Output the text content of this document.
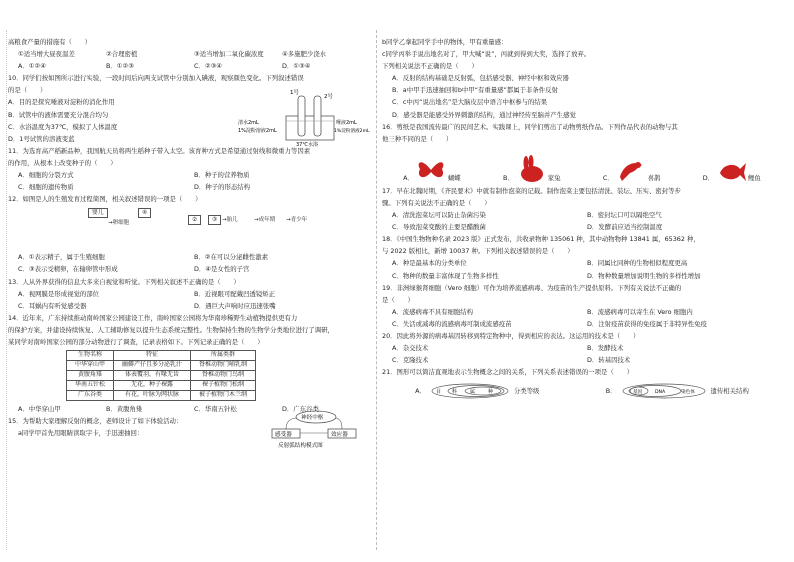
高粮食产量的措施有（　　）
①适当增大昼夜温差	②合理密植	③适当增加二氧化碳浓度	④多施肥少浇水
A．①②④	B．①②③	C．②③④	D．①③④
10．同学们按如图所示进行实验，一段时间后向两支试管中分别加入碘液，观察颜色变化。下列叙述错误
的是（　　）
A．目的是探究唾液对淀粉的消化作用
B．试管中的液体需要充分混合均匀
C．水浴温度为37℃，模拟了人体温度
D．1号试管的溶液变蓝
1号
2号
清水2mL
1%淀粉溶液2mL
唾液2mL
1%淀粉溶液2mL
37℃水浴
11．为选育高产稻新品种，我国航天员将两生稻种子带入太空。该育种方式是希望通过射线和微重力等因素
的作用，从根本上改变种子的（　　）
A．细胞的分裂方式	B．种子的营养物质
C．细胞的遗传物质	D．种子的形态结构
12．如图是人的生殖发育过程简图，相关叙述错误的一项是（　　）
婴儿	④
→卵细胞	②	③ →胎儿	→成年期 →青少年
A．①表示精子，属于生殖细胞	B．②在可以分泌雌性激素
C．③表示受精卵，在输卵管中形成	D．④是女性的子宫
13．人从外界获得的信息大多来自视觉和听觉。下列相关叙述不正确的是（　　）
A．视网膜是形成视觉的部位	B．近视眼可配戴凹透镜矫正
C．耳蜗内有听觉感受器	D．遇巨大声响时应迅速张嘴
14．近年来，广东持续推动南岭国家公园建设工作，南岭国家公园将为华南珍稀野生动植物提供更有力
的保护方案，并建设持续恢复、人工辅助修复以提升生态系统完整性。生物保持生物的生物学分类地位进行了调研，
某同学对南岭国家公园的部分动物进行了调查，记录表格如下。下列记录正确的是（　　）
生物名称	特征	所属类群
中华穿山甲	幽僻产仔且多分泌乳汁	脊椎动物门哺乳纲
黄腹角雉	体表覆羽，有喙无齿	脊椎动物门鸟纲
华南五针松	无花，种子裸露	裸子植物门松纲
广东谷类	有花，叶脉为网状脉	被子植物门木兰纲
A．中华穿山甲	B．黄腹角雉	C．华南五针松	D．广东谷类
15．为帮助大家理解反射的概念，老师设计了如下体验活动：
a同学甲首先用眼睛读取字卡，手迅速抽回：
神经中枢
感受器	效应器
反射弧结构模式图
b同学乙拿起同学手中的物体，甲有重量感：
c同学丙举手说出地名对了，甲大喊“说”，丙就到得到大奖，选择了放弃。
下列相关说法不正确的是（　　）
A．反射的结构基础是反射弧，包括感受器、神经中枢和效应器
B．a中甲手迅速抽回和b中甲“有重量感”都属于非条件反射
C．c中丙“说出地名”是大脑皮层中语言中枢参与的结果
D．感受器是能感受外界刺激的结构，通过神经传至脑并产生感觉
16．剪纸是我国流传最广的民间艺术。实践课上，同学们剪出了动物剪纸作品。下列作品代表的动物与其
他三种不同的是（　　）
A．	蝴蝶	B．	家兔	C．	喜鹊	D．	鲤鱼
17．早在北魏时期，《齐民要术》中就有制作泡菜的记载。制作泡菜主要包括清洗、装坛、压实、密封等步
骤。下列有关说法不正确的是（　　）
A．清洗泡菜坛可以防止杂菌污染	B．密封坛口可以隔绝空气
C．导致泡菜变酸的主要是醋酸菌	D．发酵前应适当控制温度
18．《中国生物物种名录 2023 版》正式发布，共收录物种 135061 种，其中动物物种 13841 属，65362 种，
与 2022 版相比，新增 10037 种。下列相关叙述错误的是（　　）
A．种是最基本的分类单位	B．同属比同种的生物相似程度更高
C．物种的数量丰富体现了生物多样性	D．物种数量增加说明生物的多样性增加
19．非洲绿猴肾细胞（Vero 细胞）可作为培养流感病毒、为疫苗的生产提供原料。下列有关说法不正确的
是（　　）
A．流感病毒不具有细胞结构	B．流感病毒可以寄生在 Vero 细胞内
C．失活或减毒的流感病毒可制成流感疫苗	D．注射疫苗获得的免疫属于非特异性免疫
20．因此将外源的病毒基因转移到特定物种中，得到相应的表达。这运用的技术是（　　）
A．杂交技术	B．发酵技术
C．克隆技术	D．转基因技术
21．图形可以简洁直观地表示生物概念之间的关系，下列关系表述错误的一项是（　　）
A． 目 科	属	种	分类等级	B．	基因	DNA	染色体	遗传相关结构
